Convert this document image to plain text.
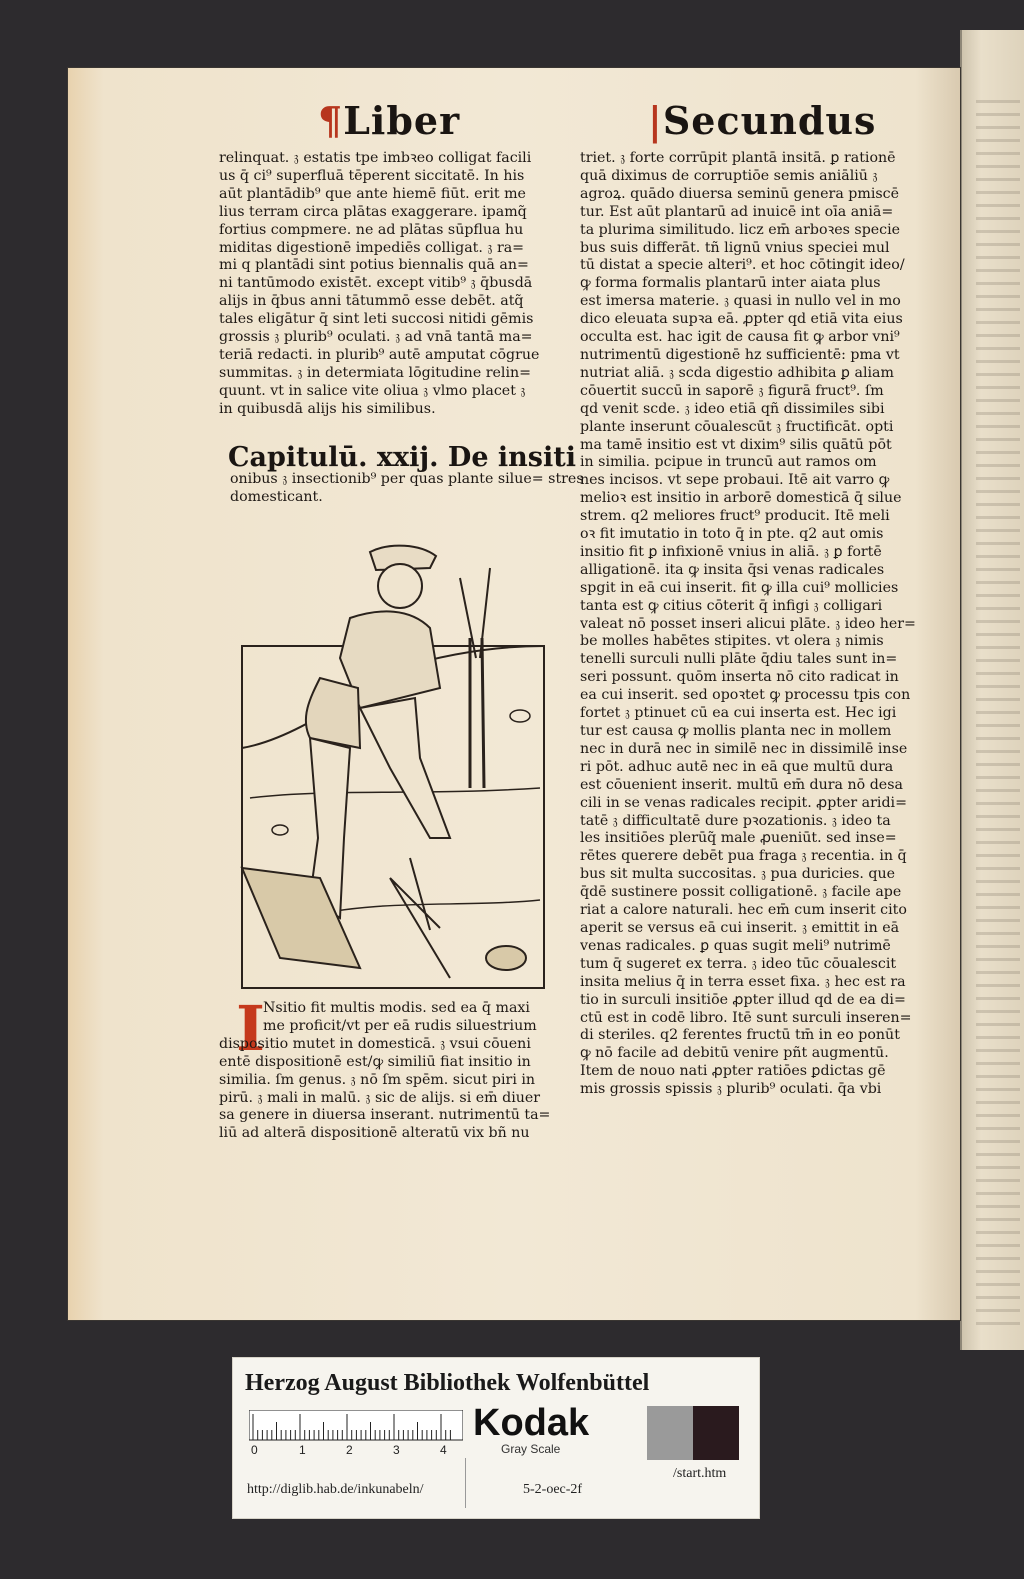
¶Liber	|Secundus
relinquat. 𝔷 estatis tpe imbꝛeo colligat facili
us q̄ ci⁹ superfluā tēperent siccitatē. In his
aūt plantādib⁹ que ante hiemē fiūt. erit me
lius terram circa plātas exaggerare. ipamq̃
fortius compmere. ne ad plātas sūpflua hu
miditas digestionē impediēs colligat. 𝔷 ra=
mi q plantādi sint potius biennalis quā an=
ni tantūmodo existēt. except̄ vitib⁹ 𝔷 q̄busdā
alijs in q̄bus anni tātummō esse debēt. atq̃
tales eligātur q̄ sint leti succosi nitidi gēmis
grossis 𝔷 plurib⁹ oculati. 𝔷 ad vnā tantā ma=
teriā redacti. in plurib⁹ autē amputat cōgrue
summitas. 𝔷 in determiata lōgitudine relin=
quunt. vt in salice vite oliua 𝔷 vlmo placet 𝔷
in quibusdā alijs his similibus.
Capitulū. xxij. De insiti
onibus 𝔷 insectionib⁹ per quas plante silue= stres domesticant.
I
Nsitio fit multis modis. sed ea q̄ maxi
me proficit/vt per eā rudis siluestrium
dispositio mutet in domesticā. 𝔷 vsui cōueni
entē dispositionē est/ꝙ similiū fiat insitio in
similia. ſm genus. 𝔷 nō ſm spēm. sicut piri in
pirū. 𝔷 mali in malū. 𝔷 sic de alijs. si em̄ diuer
sa genere in diuersa inserant. nutrimentū ta=
liū ad alterā dispositionē alteratū vix bñ nu
triet. 𝔷 forte corrūpit plantā insitā. ꝑ rationē
quā diximus de corruptiōe semis aniāliū 𝔷
agroꝝ. quādo diuersa seminū genera pmiscē
tur. Est aūt plantarū ad inuicē int oīa aniā=
ta plurima similitudo. licz em̄ arboꝛes specie
bus suis differāt. tñ lignū vnius speciei mul
tū distat a specie alteri⁹. et hoc cōtingit ideo/
ꝙ forma formalis plantarū inter aiata plus
est imersa materie. 𝔷 quasi in nullo vel in mo
dico eleuata supꝛa eā. ꝓpter qd̄ etiā vita eius
occulta est. hac igit de causa fit ꝙ arbor vni⁹
nutrimentū digestionē hz sufficientē: pma vt
nutriat aliā. 𝔷 scd̄a digestio adhibita ꝑ aliam
cōuertit succū in saporē 𝔷 figurā fruct⁹. ſm
qd̄ venit scd̄e. 𝔷 ideo etiā qñ dissimiles sibi
plante inserunt cōualescūt 𝔷 fructificāt. opti
ma tamē insitio est vt dixim⁹ silis quātū pōt
in similia. pcipue in truncū aut ramos om
nes incisos. vt sepe probaui. Itē ait varro ꝙ
melioꝛ est insitio in arborē domesticā q̄ silue
strem. q2 meliores fruct⁹ producit. Itē meli
oꝛ fit imutatio in toto q̄ in pte. q2 aut omis
insitio fit ꝑ infixionē vnius in aliā. 𝔷 ꝑ fortē
alligationē. ita ꝙ insita q̄si venas radicales
spgit in eā cui inserit. fit ꝙ illa cui⁹ mollicies
tanta est ꝙ citius cōterit q̄ infigi 𝔷 colligari
valeat nō posset inseri alicui plāte. 𝔷 ideo her=
be molles habētes stipites. vt olera 𝔷 nimis
tenelli surculi nulli plāte q̄diu tales sunt in=
seri possunt. quōm inserta nō cito radicat in
ea cui inserit. sed opoꝛtet ꝙ processu tpis con
fortet 𝔷 ptinuet cū ea cui inserta est. Hec igi
tur est causa ꝙ mollis planta nec in mollem
nec in durā nec in similē nec in dissimilē inse
ri pōt. adhuc autē nec in eā que multū dura
est cōuenient inserit. multū em̄ dura nō desa
cili in se venas radicales recipit. ꝓpter aridi=
tatē 𝔷 difficultatē dure pꝛozationis. 𝔷 ideo ta
les insitiōes plerūq̃ male ꝓueniūt. sed inse=
rētes querere debēt pua fraga 𝔷 recentia. in q̄
bus sit multa succositas. 𝔷 pua duricies. que
q̄dē sustinere possit colligationē. 𝔷 facile ape
riat a calore naturali. hec em̄ cum inserit cito
aperit se versus eā cui inserit. 𝔷 emittit in eā
venas radicales. ꝑ quas sugit meli⁹ nutrimē
tum q̄ sugeret ex terra. 𝔷 ideo tūc cōualescit
insita melius q̄ in terra esset fixa. 𝔷 hec est ra
tio in surculi insitiōe ꝓpter illud qd̄ de ea di=
ctū est in codē libro. Itē sunt surculi inseren=
di steriles. q2 ferentes fructū tm̄ in eo ponūt
ꝙ nō facile ad debitū venire pñt augmentū.
Item de nouo nati ꝓpter ratiōes ꝑdictas gē
mis grossis spissis 𝔷 plurib⁹ oculati. q̄a vbi
Herzog August Bibliothek Wolfenbüttel
0	1	2	3	4
Kodak
Gray Scale
http://diglib.hab.de/inkunabeln/	5-2-oec-2f
/start.htm
